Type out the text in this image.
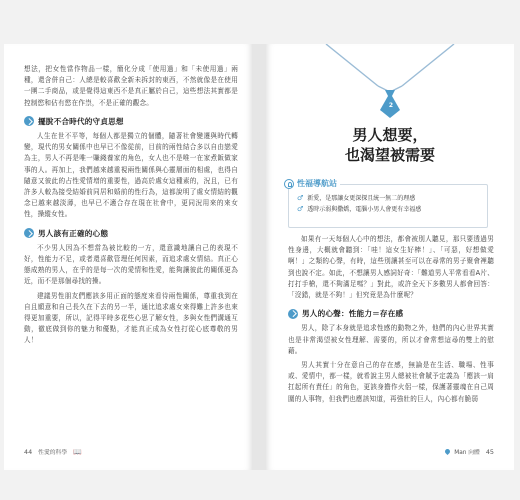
想法，把女性當作物品一樣，簡化分成「使用過」和「未使用過」兩種，還含併自己：人總是較喜歡全新未拆封的東西，不然就像是在使用一團二手商品，或是覺得這東西不是真正屬於自己，這些想法其實都是控制慾和佔有慾在作祟，不是正確的觀念。

擺脫不合時代的守貞思想

人生在世不平等，每個人都是獨立的個體，隨著社會變遷與時代轉變，現代的男女關係中也早已不像從前，目前的兩性結合多以自由戀愛為主，男人不再是唯一賺錢養家的角色，女人也不是唯一在家煮飯做家事的人。再加上，我們越來越重視兩性關係與心靈層面的相處，也得自隨意又彼此的占性愛情增的重要性，過高於處女這種素的，況且，已有許多人較為接受結婚前同居和婚前的性行為，這都說明了處女情結的觀念已越來越淡薄，也早已不適合存在現在社會中，更同況用來的來女性，操縱女性。

男人該有正確的心態

不少男人因為不想當為被比較的一方，還意識地讓自己的表現不好，性能力不足，或者還喜歡管理任何因素，而追求處女情結。真正心態成熟的男人，在乎的是每一次的愛情和性愛，能夠讓彼此的關係更為近，而不是那個尋找的操。

建議男性朋友們應該多用正面的態度來看待兩性關係，尊重我到在自且願意和自己長久在下去的另一半，通比追求處女來得難上許多也來得更加重要，所以，記得平時多花些心思了解女性，多與女性們溝通互動，徹底做到你的魅力和優點，才能真正成為女性打從心底尊敬的男人！

44 性愛的科學 📖
2
男人想要，
也渴望被需要
性福導航站
♂ 新愛，是那讓女更深探且統一無二的理感
♂ 透時示弱與撒嬌，電腦小男人會更有幸福感

如果有一天每個人心中的想法，都會被別人聽見，那只要透過男性身邊，大概就會聽到：「哇！這女生好棒！」、「可惡，好想做愛啊！」之類的心聲，有時，這些別讓甚至可以在尋常的男子聚會裡聽到也說不定。如此，不想讓男人感詞好奇：「難道男人平常看看A片、打打手槍，還不夠滿足嗎？」對此，或許全天下多數男人都會回答：「沒錯，就是不夠！」但究竟是為什麼呢？

男人的心聲：性能力＝存在感

男人，除了本身就是追求性感的動物之外，他們的內心世界其實也是非常渴望被女性理解、需要的，所以才會常想這尋的雙上的慰藉。

男人其實十分在意自己的存在感，無論是在生活、職場、性事或、愛情中，都一樣，就希說主男人總被社會賦予定義為「應該一肩扛起所有責任」的角色，更該身擔作火侶一樣，保護著靈魂在自己周圍的人事物，但我們也應該知道，再強壯的巨人，內心都有脆弱

Man 向體 45
